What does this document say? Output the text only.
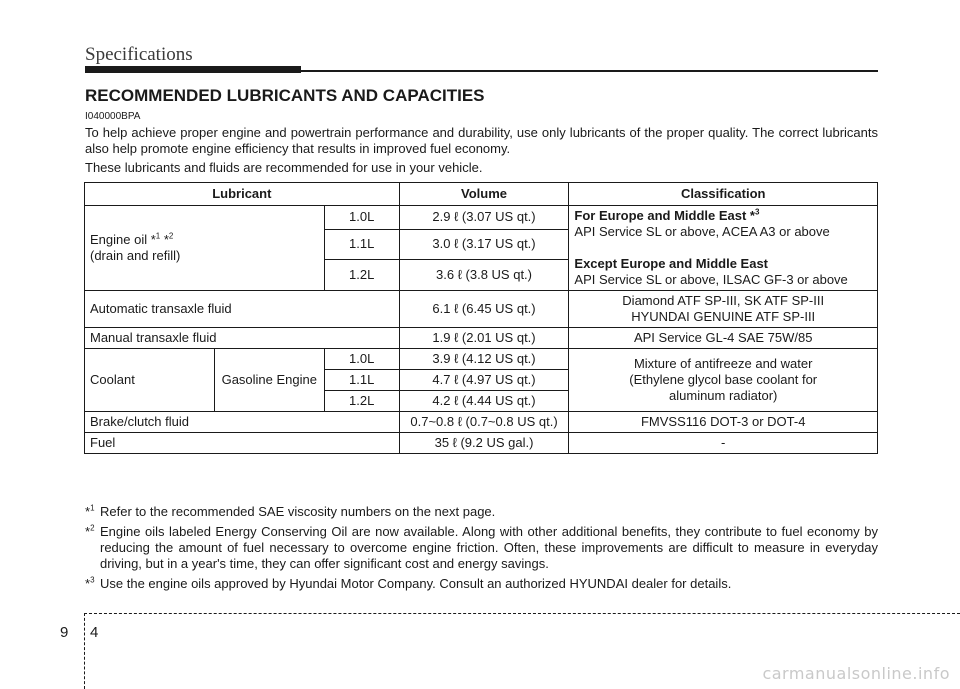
Specifications
RECOMMENDED LUBRICANTS AND CAPACITIES
I040000BPA

To help achieve proper engine and powertrain performance and durability, use only lubricants of the proper quality. The correct lubricants also help promote engine efficiency that results in improved fuel economy.

These lubricants and fluids are recommended for use in your vehicle.

Lubricant			Volume	Classification
Engine oil *$^1$ *$^2$
(drain and refill)		1.0L	2.9 ℓ (3.07 US qt.)	For Europe and Middle East *$^3$
API Service SL or above, ACEA A3 or above

Except Europe and Middle East
API Service SL or above, ILSAC GF-3 or above
		1.1L	3.0 ℓ (3.17 US qt.)	
		1.2L	3.6 ℓ (3.8 US qt.)	
Automatic transaxle fluid			6.1 ℓ (6.45 US qt.)	Diamond ATF SP-III, SK ATF SP-III
HYUNDAI GENUINE ATF SP-III
Manual transaxle fluid			1.9 ℓ (2.01 US qt.)	API Service GL-4 SAE 75W/85
Coolant	Gasoline Engine	1.0L	3.9 ℓ (4.12 US qt.)	Mixture of antifreeze and water
(Ethylene glycol base coolant for
aluminum radiator)
		1.1L	4.7 ℓ (4.97 US qt.)	
		1.2L	4.2 ℓ (4.44 US qt.)	
Brake/clutch fluid			0.7~0.8 ℓ (0.7~0.8 US qt.)	FMVSS116 DOT-3 or DOT-4
Fuel			35 ℓ (9.2 US gal.)	-
*$^1$ Refer to the recommended SAE viscosity numbers on the next page.
*$^2$ Engine oils labeled Energy Conserving Oil are now available. Along with other additional benefits, they contribute to fuel economy by reducing the amount of fuel necessary to overcome engine friction. Often, these improvements are difficult to measure in everyday driving, but in a year's time, they can offer significant cost and energy savings.
*$^3$ Use the engine oils approved by Hyundai Motor Company. Consult an authorized HYUNDAI dealer for details.
9 4
carmanualsonline.info
